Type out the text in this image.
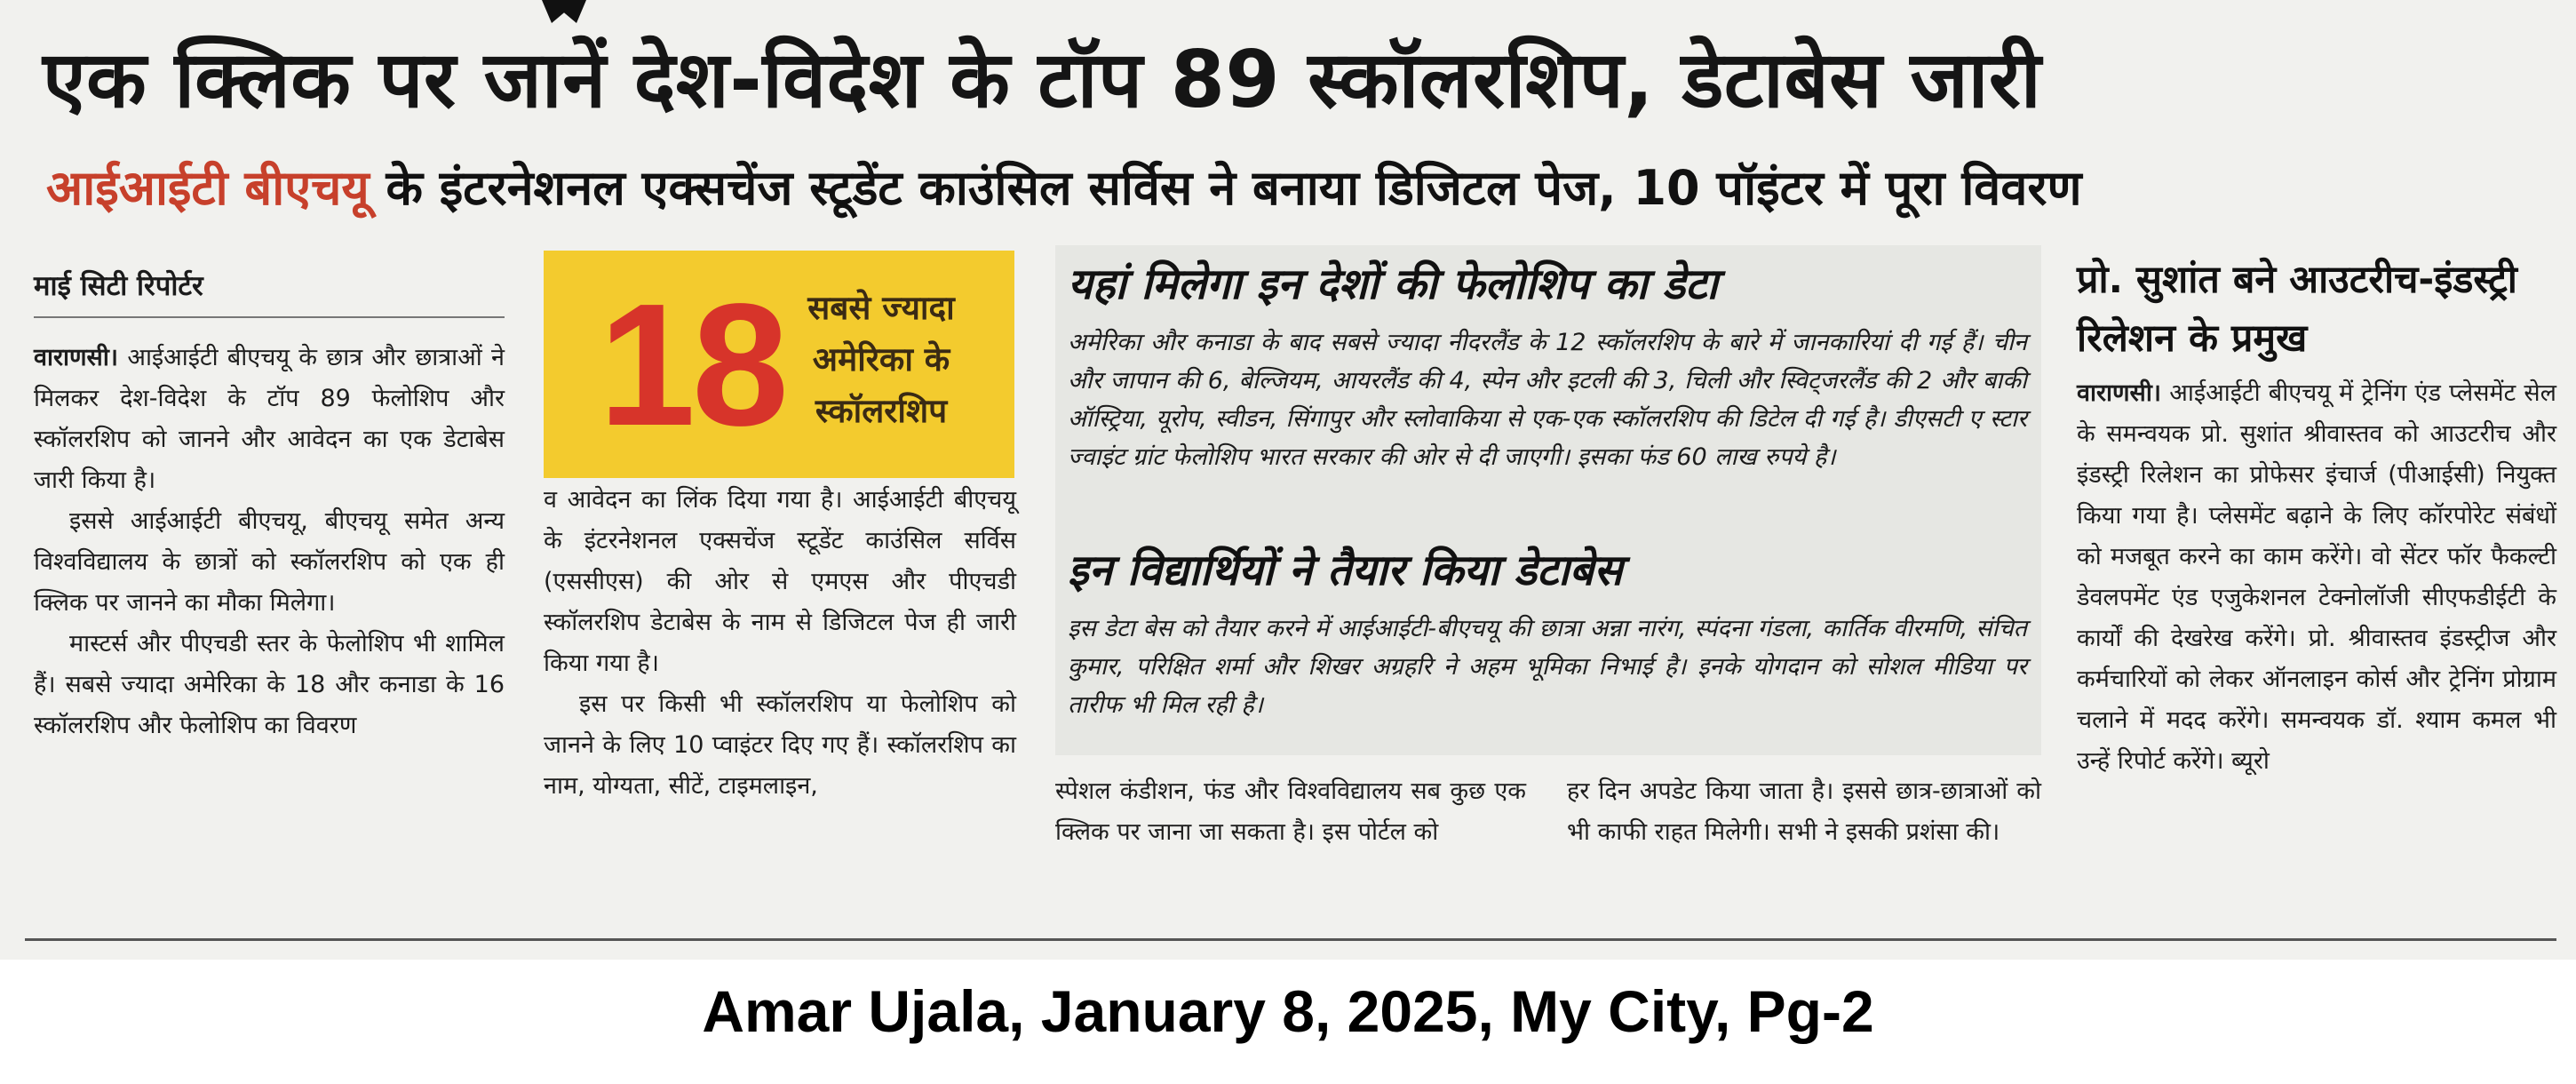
एक क्लिक पर जानें देश-विदेश के टॉप 89 स्कॉलरशिप, डेटाबेस जारी
आईआईटी बीएचयू के इंटरनेशनल एक्सचेंज स्टूडेंट काउंसिल सर्विस ने बनाया डिजिटल पेज, 10 पॉइंटर में पूरा विवरण
माई सिटी रिपोर्टर

वाराणसी। आईआईटी बीएचयू के छात्र और छात्राओं ने मिलकर देश-विदेश के टॉप 89 फेलोशिप और स्कॉलरशिप को जानने और आवेदन का एक डेटाबेस जारी किया है।

इससे आईआईटी बीएचयू, बीएचयू समेत अन्य विश्वविद्यालय के छात्रों को स्कॉलरशिप को एक ही क्लिक पर जानने का मौका मिलेगा।

मास्टर्स और पीएचडी स्तर के फेलोशिप भी शामिल हैं। सबसे ज्यादा अमेरिका के 18 और कनाडा के 16 स्कॉलरशिप और फेलोशिप का विवरण

18 सबसे ज्यादा अमेरिका के स्कॉलरशिप

व आवेदन का लिंक दिया गया है। आईआईटी बीएचयू के इंटरनेशनल एक्सचेंज स्टूडेंट काउंसिल सर्विस (एससीएस) की ओर से एमएस और पीएचडी स्कॉलरशिप डेटाबेस के नाम से डिजिटल पेज ही जारी किया गया है।

इस पर किसी भी स्कॉलरशिप या फेलोशिप को जानने के लिए 10 प्वाइंटर दिए गए हैं। स्कॉलरशिप का नाम, योग्यता, सीटें, टाइमलाइन,

यहां मिलेगा इन देशों की फेलोशिप का डेटा
अमेरिका और कनाडा के बाद सबसे ज्यादा नीदरलैंड के 12 स्कॉलरशिप के बारे में जानकारियां दी गई हैं। चीन और जापान की 6, बेल्जियम, आयरलैंड की 4, स्पेन और इटली की 3, चिली और स्विट्जरलैंड की 2 और बाकी ऑस्ट्रिया, यूरोप, स्वीडन, सिंगापुर और स्लोवाकिया से एक-एक स्कॉलरशिप की डिटेल दी गई है। डीएसटी ए स्टार ज्वाइंट ग्रांट फेलोशिप भारत सरकार की ओर से दी जाएगी। इसका फंड 60 लाख रुपये है।
इन विद्यार्थियों ने तैयार किया डेटाबेस
इस डेटा बेस को तैयार करने में आईआईटी-बीएचयू की छात्रा अन्ना नारंग, स्पंदना गंडला, कार्तिक वीरमणि, संचित कुमार, परिक्षित शर्मा और शिखर अग्रहरि ने अहम भूमिका निभाई है। इनके योगदान को सोशल मीडिया पर तारीफ भी मिल रही है।
स्पेशल कंडीशन, फंड और विश्वविद्यालय सब कुछ एक क्लिक पर जाना जा सकता है। इस पोर्टल को
हर दिन अपडेट किया जाता है। इससे छात्र-छात्राओं को भी काफी राहत मिलेगी। सभी ने इसकी प्रशंसा की।
प्रो. सुशांत बने आउटरीच-इंडस्ट्री रिलेशन के प्रमुख

वाराणसी। आईआईटी बीएचयू में ट्रेनिंग एंड प्लेसमेंट सेल के समन्वयक प्रो. सुशांत श्रीवास्तव को आउटरीच और इंडस्ट्री रिलेशन का प्रोफेसर इंचार्ज (पीआईसी) नियुक्त किया गया है। प्लेसमेंट बढ़ाने के लिए कॉरपोरेट संबंधों को मजबूत करने का काम करेंगे। वो सेंटर फॉर फैकल्टी डेवलपमेंट एंड एजुकेशनल टेक्नोलॉजी सीएफडीईटी के कार्यों की देखरेख करेंगे। प्रो. श्रीवास्तव इंडस्ट्रीज और कर्मचारियों को लेकर ऑनलाइन कोर्स और ट्रेनिंग प्रोग्राम चलाने में मदद करेंगे। समन्वयक डॉ. श्याम कमल भी उन्हें रिपोर्ट करेंगे। ब्यूरो

Amar Ujala, January 8, 2025, My City, Pg-2
